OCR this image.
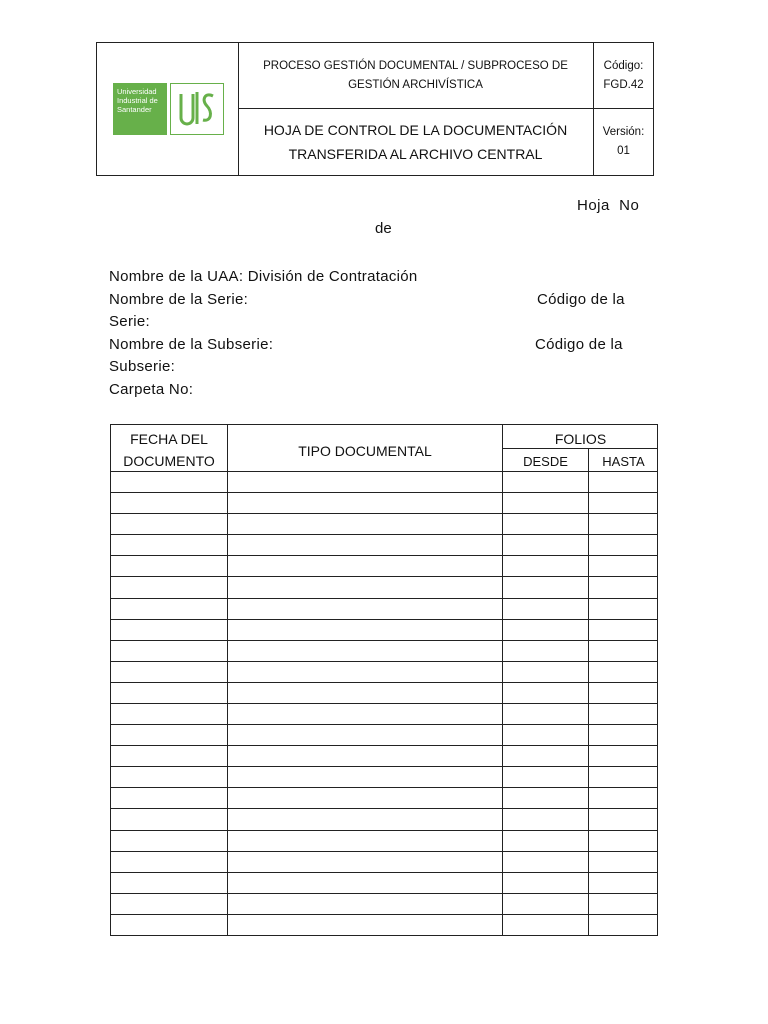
Universidad Industrial de Santander
PROCESO GESTIÓN DOCUMENTAL / SUBPROCESO DE GESTIÓN ARCHIVÍSTICA
HOJA DE CONTROL DE LA DOCUMENTACIÓN
TRANSFERIDA AL ARCHIVO CENTRAL
Código:
FGD.42
Versión:
01
Hoja  No
de
Nombre de la UAA: División de Contratación
Nombre de la Serie:	Código de la
Serie:
Nombre de la Subserie:	Código de la
Subserie:
Carpeta No:
FECHA DEL
DOCUMENTO
TIPO DOCUMENTAL
FOLIOS
DESDE	HASTA
